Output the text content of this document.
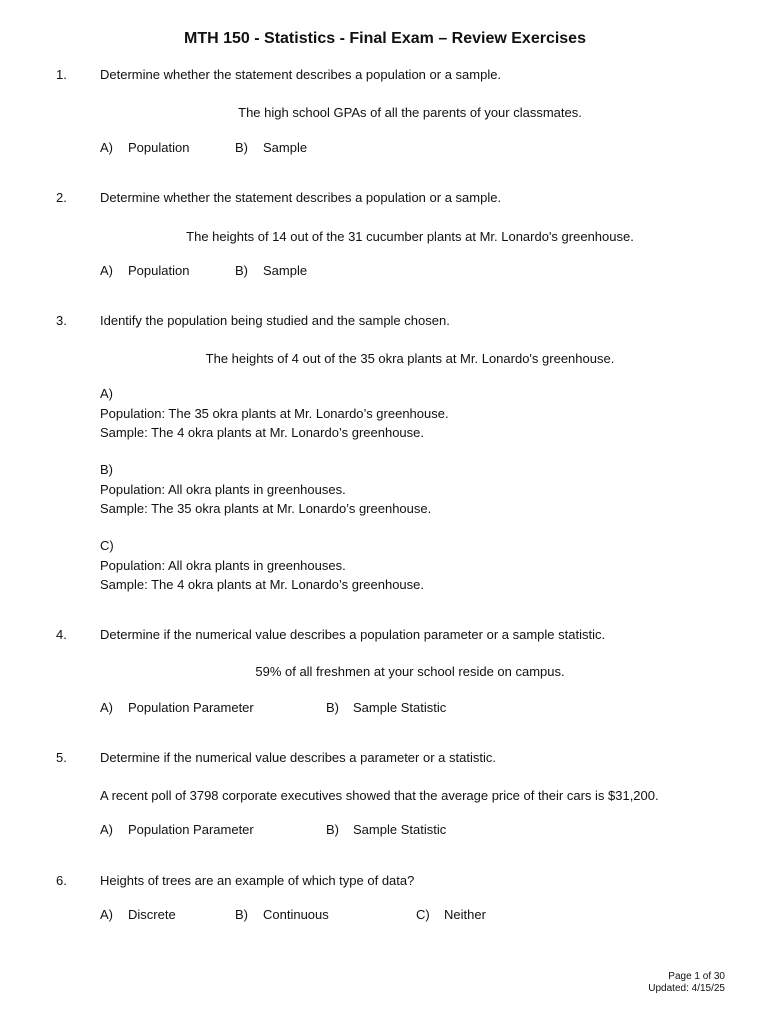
MTH 150 - Statistics - Final Exam – Review Exercises
1.	Determine whether the statement describes a population or a sample.
The high school GPAs of all the parents of your classmates.
A) Population	B) Sample
2.	Determine whether the statement describes a population or a sample.
The heights of 14 out of the 31 cucumber plants at Mr. Lonardo's greenhouse.
A) Population	B) Sample
3.	Identify the population being studied and the sample chosen.
The heights of 4 out of the 35 okra plants at Mr. Lonardo's greenhouse.
A)
Population: The 35 okra plants at Mr. Lonardo’s greenhouse.
Sample: The 4 okra plants at Mr. Lonardo’s greenhouse.
B)
Population: All okra plants in greenhouses.
Sample: The 35 okra plants at Mr. Lonardo’s greenhouse.
C)
Population: All okra plants in greenhouses.
Sample: The 4 okra plants at Mr. Lonardo’s greenhouse.
4.	Determine if the numerical value describes a population parameter or a sample statistic.
59% of all freshmen at your school reside on campus.
A) Population Parameter	B) Sample Statistic
5.	Determine if the numerical value describes a parameter or a statistic.
A recent poll of 3798 corporate executives showed that the average price of their cars is $31,200.
A) Population Parameter	B) Sample Statistic
6.	Heights of trees are an example of which type of data?
A) Discrete	B) Continuous	C) Neither
Page 1 of 30
Updated: 4/15/25
